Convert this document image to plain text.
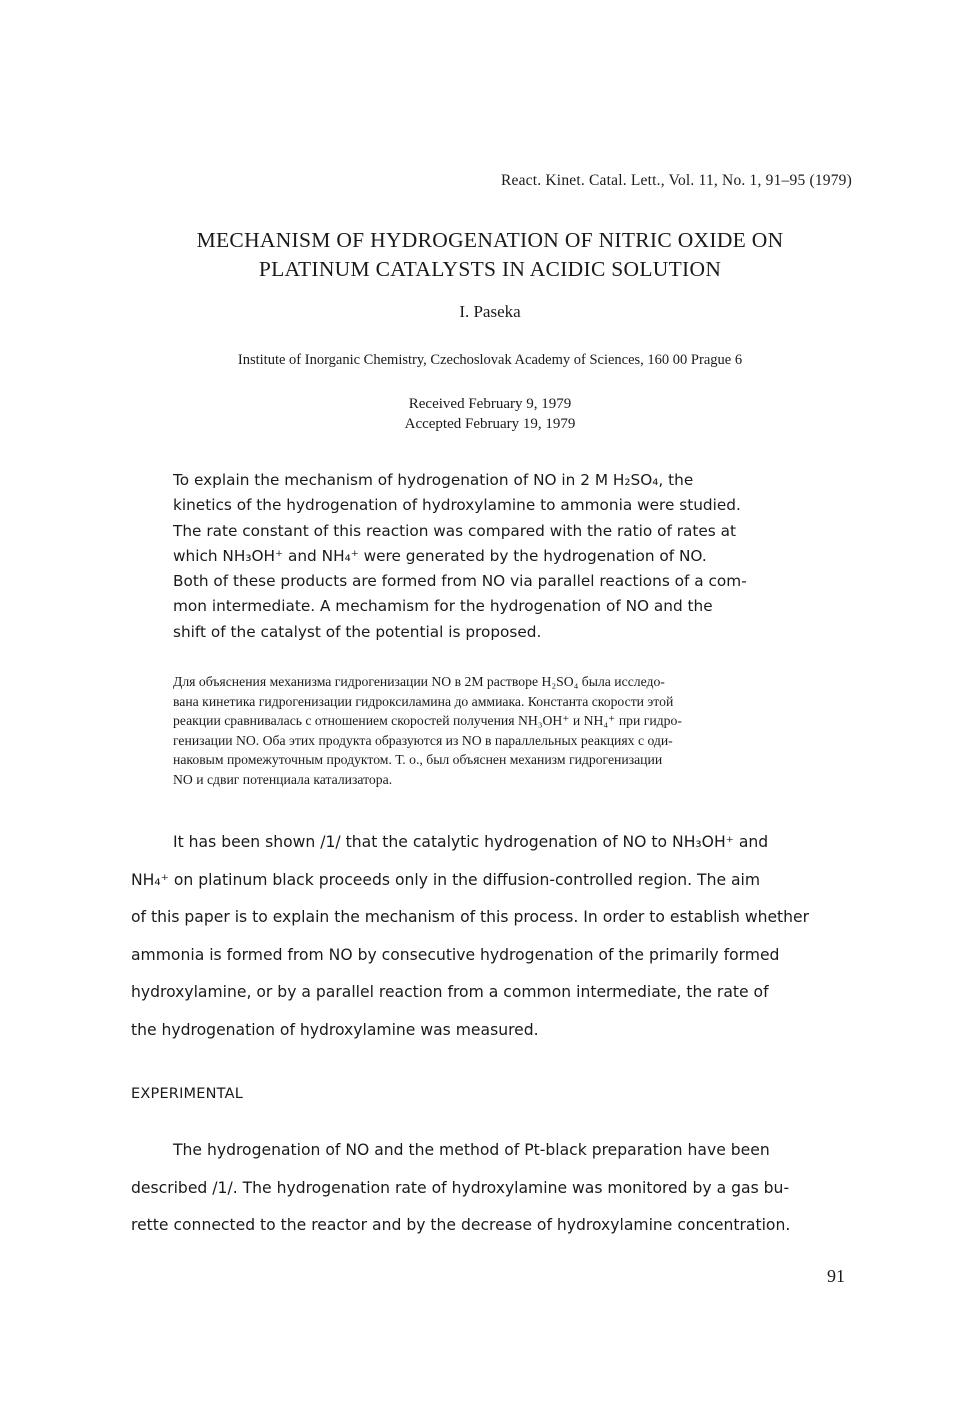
React. Kinet. Catal. Lett., Vol. 11, No. 1, 91–95 (1979)
MECHANISM OF HYDROGENATION OF NITRIC OXIDE ON
PLATINUM CATALYSTS IN ACIDIC SOLUTION
I. Paseka
Institute of Inorganic Chemistry, Czechoslovak Academy of Sciences, 160 00 Prague 6
Received February 9, 1979
Accepted February 19, 1979
To explain the mechanism of hydrogenation of NO in 2 M H₂SO₄, the
kinetics of the hydrogenation of hydroxylamine to ammonia were studied.
The rate constant of this reaction was compared with the ratio of rates at
which NH₃OH⁺ and NH₄⁺ were generated by the hydrogenation of NO.
Both of these products are formed from NO via parallel reactions of a com-
mon intermediate. A mechamism for the hydrogenation of NO and the
shift of the catalyst of the potential is proposed.
Для объяснения механизма гидрогенизации NO в 2M растворе H₂SO₄ была исследо-
вана кинетика гидрогенизации гидроксиламина до аммиака. Константа скорости этой
реакции сравнивалась с отношением скоростей получения NH₃OH⁺ и NH₄⁺ при гидро-
генизации NO. Оба этих продукта образуются из NO в параллельных реакциях с оди-
наковым промежуточным продуктом. Т. о., был объяснен механизм гидрогенизации
NO и сдвиг потенциала катализатора.
It has been shown /1/ that the catalytic hydrogenation of NO to NH₃OH⁺ and
NH₄⁺ on platinum black proceeds only in the diffusion-controlled region. The aim
of this paper is to explain the mechanism of this process. In order to establish whether
ammonia is formed from NO by consecutive hydrogenation of the primarily formed
hydroxylamine, or by a parallel reaction from a common intermediate, the rate of
the hydrogenation of hydroxylamine was measured.
EXPERIMENTAL
The hydrogenation of NO and the method of Pt-black preparation have been
described /1/. The hydrogenation rate of hydroxylamine was monitored by a gas bu-
rette connected to the reactor and by the decrease of hydroxylamine concentration.
91
